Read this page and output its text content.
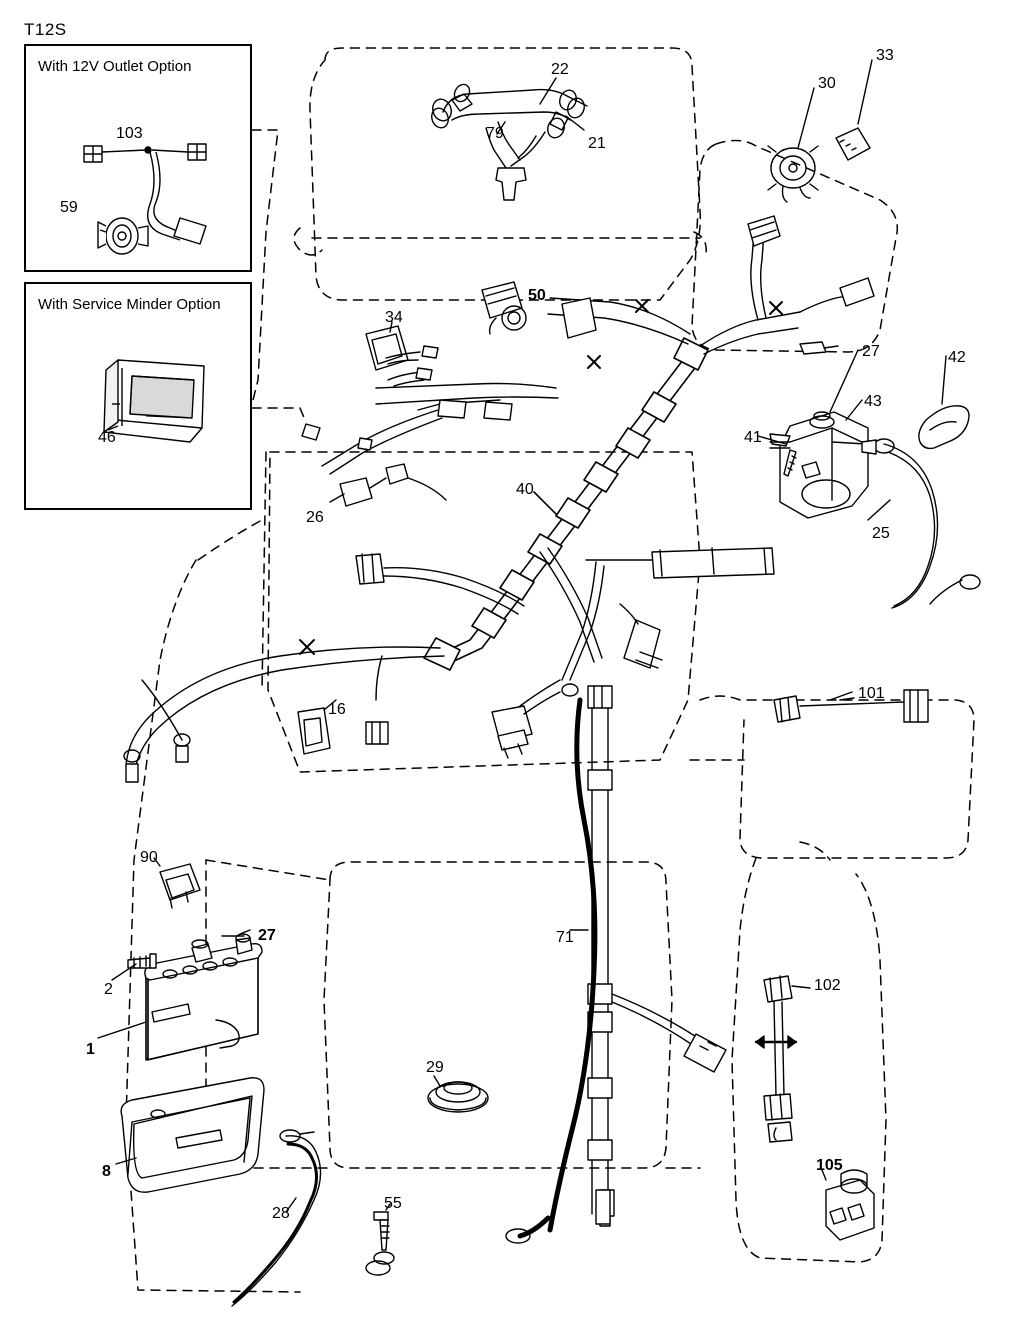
T12S
With 12V Outlet Option
With Service Minder Option
103
59
46
22
79
21
30
33
34
50
27	42
43
41
25
26
40
101
16
90
27
2
1
8
28
55
29
71
102
105
